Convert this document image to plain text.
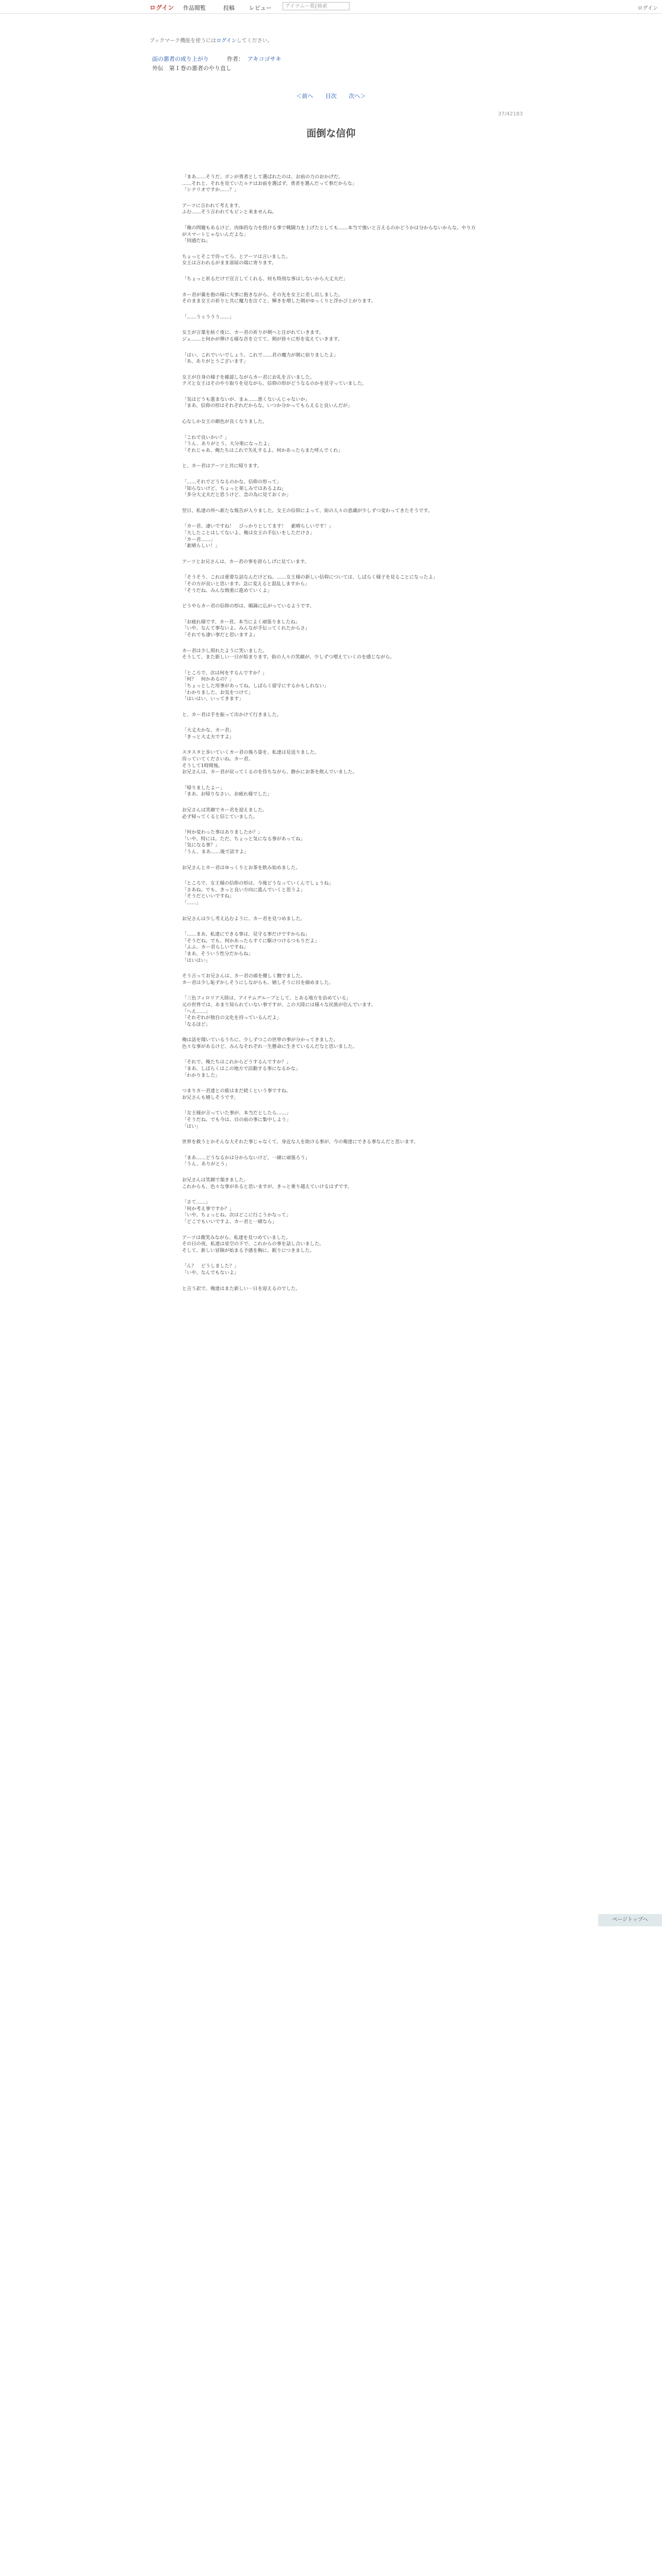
ログイン 作品閲覧	投稿	レビュー	アイテムー覧[検索	ログイン
ブックマーク機能を使うにはログインしてください。
面の悪者の成り上がり	作者： アキコゴサキ
外伝　第１巻の悪者のやり直し
＜前へ 目次 次へ＞
37/42183
面倒な信仰

「まあ……そうだ、ボンが勇者として選ばれたのは、お前の力のおかげだ。
……それと、それを見ていたルナはお前を選ばず、勇者を選んだって事だからな」
「シナリオですか……？」

アーツに言われて考えます。
ふむ……そう言われてもピンと来ませんね。

「俺の問題もあるけど、肉体的な力を授ける事で戦闘力を上げたとしても……本当で強いと言えるのかどうかは分からないからな。やり方がスマートじゃないんだよな」
「同感だね」

ちょっとそこで待ってろ、とアーツは言いました。
女王は言われるがまま部屋の端に寄ります。

「ちょっと祈るだけで宣言してくれる、何も特別な事はしないから大丈夫だ」

カー君が翼を抱の様に大事に抱きながら、その先を女王に差し出しました。
そのまま女王の祈りと共に魔力を注ぐと、輝きを増した剣がゆっくりと浮かび上がります。

「……うぅううう……」

女王が言葉を紡ぐ度に、カー君の祈りが剣へと注がれていきます。
ジェ……と何かが弾ける様な音を立てて、剣が徐々に形を変えていきます。

「はい、これでいいでしょう。これで……君の魔力が剣に宿りましたよ」
「あ、ありがとうございます」

女王が自身の様子を確認しながらカー君にお礼を言いました。
クズと女王はそのやり取りを見ながら、信仰の形がどうなるのかを見守っていました。

「気はどうも進まないが、まぁ……悪くないんじゃないか」
「まあ、信仰の形はそれぞれだからな。いつか分かってもらえると良いんだが」

心なしか女王の顔色が良くなりました。

「これで良いかい？」
「うん、ありがとう。大分楽になったよ」
「それじゃあ、俺たちはこれで失礼するよ。何かあったらまた呼んでくれ」

と、カー君はアーツと共に帰ります。

「……それでどうなるのかな、信仰の形って」
「知らないけど、ちょっと楽しみではあるよね」
「多分大丈夫だと思うけど、念の為に見ておくか」

翌日、私達の所へ新たな報告が入りました。女王の信仰によって、街の人々の意識が少しずつ変わってきたそうです。

「カー君、凄いですね！　ぴっかりとしてます！　素晴らしいです！」
「大したことはしてないよ、俺は女王の手伝いをしただけさ」
「カー君……」
「素晴らしい！」

アーツとお兄さんは、カー君の事を誇らしげに見ています。

「そうそう、これは重要な話なんだけどね。……女王様の新しい信仰については、しばらく様子を見ることになったよ」
「その方が良いと思います。急に変えると混乱しますから」
「そうだね、みんな慎重に進めていくよ」

どうやらカー君の信仰の形は、順調に広がっているようです。

「お疲れ様です、カー君。本当によく頑張りましたね」
「いや、なんて事ないよ。みんなが手伝ってくれたからさ」
「それでも凄い事だと思いますよ」

カー君は少し照れたように笑いました。
そうして、また新しい一日が始まります。街の人々の笑顔が、少しずつ増えていくのを感じながら。

「ところで、次は何をするんですか？」
「何？　何かあるの？」
「ちょっとした用事があってね。しばらく留守にするかもしれない」
「わかりました、お気をつけて」
「はいはい、いってきます」

と、カー君は手を振って出かけて行きました。

「大丈夫かな、カー君」
「きっと大丈夫ですよ」

スタスタと歩いていくカー君の後ろ姿を、私達は見送りました。
待っていてくださいね、カー君。
そうして1時間後。
お兄さんは、カー君が戻ってくるのを待ちながら、静かにお茶を飲んでいました。

「帰りましたよー」
「まあ、お帰りなさい。お疲れ様でした」

お兄さんは笑顔でカー君を迎えました。
必ず帰ってくると信じていました。

「何か変わった事はありましたか？」
「いや、特には。ただ、ちょっと気になる事があってね」
「気になる事？」
「うん、まあ……後で話すよ」

お兄さんとカー君はゆっくりとお茶を飲み始めました。

「ところで、女王様の信仰の形は、今後どうなっていくんでしょうね」
「さあね。でも、きっと良い方向に進んでいくと思うよ」
「そうだといいですね」
「……」

お兄さんは少し考え込むように、カー君を見つめました。

「……まあ、私達にできる事は、見守る事だけですからね」
「そうだね。でも、何かあったらすぐに駆けつけるつもりだよ」
「ふふ、カー君らしいですね」
「まあ、そういう性分だからね」
「はいはい」

そう言ってお兄さんは、カー君の頭を優しく撫でました。
カー君は少し恥ずかしそうにしながらも、嬉しそうに目を細めました。

「三色フィロリア大陸は、アイテムグループとして、とある地方を治めている」
元の世界では、あまり知られていない事ですが、この大陸には様々な民族が住んでいます。
「へえ……」
「それぞれが独自の文化を持っているんだよ」
「なるほど」

俺は話を聞いているうちに、少しずつこの世界の事が分かってきました。
色々な事があるけど、みんなそれぞれ一生懸命に生きているんだなと思いました。

「それで、俺たちはこれからどうするんですか？」
「まあ、しばらくはこの地方で活動する事になるかな」
「わかりました」

つまりカー君達との旅はまだ続くという事ですね。
お兄さんも嬉しそうです。

「女王様が言っていた事が、本当だとしたら……」
「そうだね。でも今は、目の前の事に集中しよう」
「はい」

世界を救うとかそんな大それた事じゃなくて、身近な人を助ける事が、今の俺達にできる事なんだと思います。

「まあ……どうなるかは分からないけど、一緒に頑張ろう」
「うん、ありがとう」

お兄さんは笑顔で頷きました。
これからも、色々な事があると思いますが、きっと乗り越えていけるはずです。

「さて……」
「何か考え事ですか？」
「いや、ちょっとね。次はどこに行こうかなって」
「どこでもいいですよ、カー君と一緒なら」

アーツは微笑みながら、私達を見つめていました。
その日の夜、私達は星空の下で、これからの事を話し合いました。
そして、新しい冒険が始まる予感を胸に、眠りにつきました。

「ん？　どうしました？」
「いや、なんでもないよ」

と言う訳で、俺達はまた新しい一日を迎えるのでした。

ページトップへ
